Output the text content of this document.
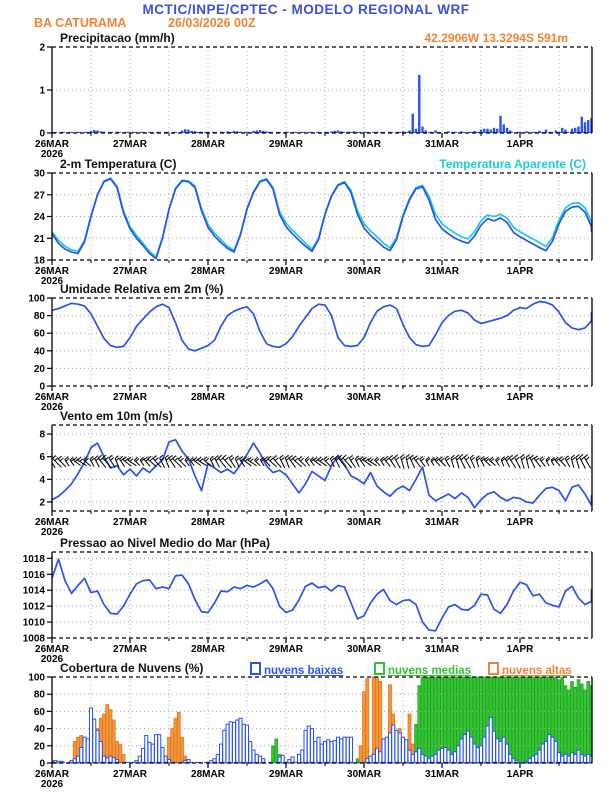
MCTIC/INPE/CPTEC - MODELO REGIONAL WRF
BA CATURAMA	26/03/2026 00Z
42.2906W 13.3294S 591m
Precipitacao (mm/h)
2-m Temperatura (C)	Temperatura Aparente (C)
Umidade Relativa em 2m (%)
Vento em 10m (m/s)
Pressao ao Nivel Medio do Mar (hPa)
Cobertura de Nuvens (%)	nuvens baixas	nuvens medias	nuvens altas
0
1
2
26MAR
2026
27MAR	28MAR	29MAR	30MAR	31MAR	1APR
18
21
24
27
30
26MAR
2026
27MAR	28MAR	29MAR	30MAR	31MAR	1APR
0
20
40
60
80
100
26MAR
2026
27MAR	28MAR	29MAR	30MAR	31MAR	1APR
2
4
6
8
26MAR
2026
27MAR	28MAR	29MAR	30MAR	31MAR	1APR
1008
1010
1012
1014
1016
1018
26MAR
2026
27MAR	28MAR	29MAR	30MAR	31MAR	1APR
0
20
40
60
80
100
26MAR
2026
27MAR	28MAR	29MAR	30MAR	31MAR	1APR
